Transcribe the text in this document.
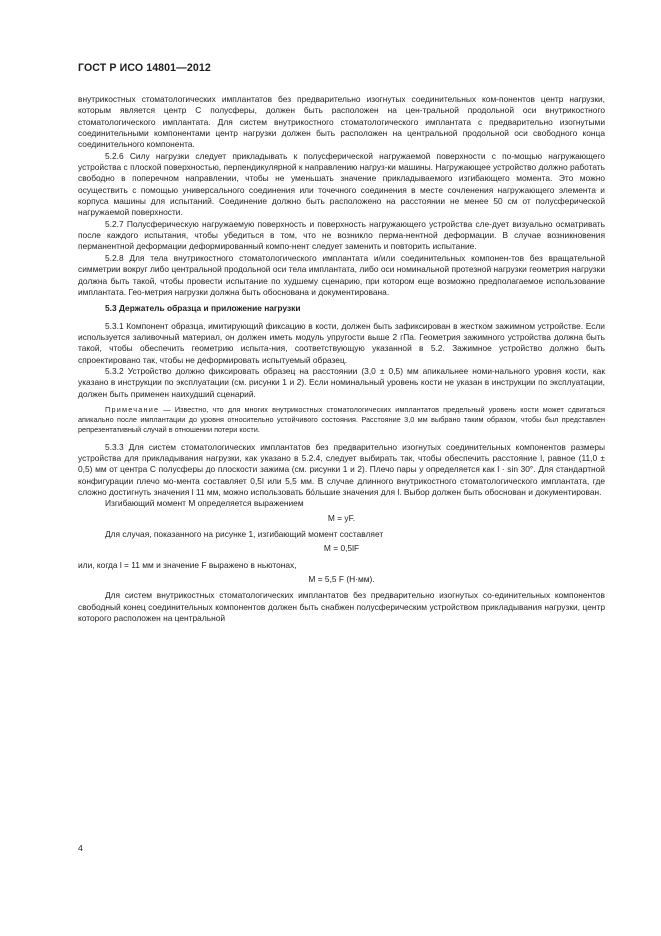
ГОСТ Р ИСО 14801—2012

внутрикостных стоматологических имплантатов без предварительно изогнутых соединительных ком-понентов центр нагрузки, которым является центр C полусферы, должен быть расположен на цен-тральной продольной оси внутрикостного стоматологического имплантата. Для систем внутрикостного стоматологического имплантата с предварительно изогнутыми соединительными компонентами центр нагрузки должен быть расположен на центральной продольной оси свободного конца соединительного компонента.

5.2.6 Силу нагрузки следует прикладывать к полусферической нагружаемой поверхности с по-мощью нагружающего устройства с плоской поверхностью, перпендикулярной к направлению нагруз-ки машины. Нагружающее устройство должно работать свободно в поперечном направлении, чтобы не уменьшать значение прикладываемого изгибающего момента. Это можно осуществить с помощью универсального соединения или точечного соединения в месте сочленения нагружающего элемента и корпуса машины для испытаний. Соединение должно быть расположено на расстоянии не менее 50 см от полусферической нагружаемой поверхности.

5.2.7 Полусферическую нагружаемую поверхность и поверхность нагружающего устройства сле-дует визуально осматривать после каждого испытания, чтобы убедиться в том, что не возникло перма-нентной деформации. В случае возникновения перманентной деформации деформированный компо-нент следует заменить и повторить испытание.

5.2.8 Для тела внутрикостного стоматологического имплантата и/или соединительных компонен-тов без вращательной симметрии вокруг либо центральной продольной оси тела имплантата, либо оси номинальной протезной нагрузки геометрия нагрузки должна быть такой, чтобы провести испытание по худшему сценарию, при котором еще возможно предполагаемое использование имплантата. Гео-метрия нагрузки должна быть обоснована и документирована.

5.3 Держатель образца и приложение нагрузки

5.3.1 Компонент образца, имитирующий фиксацию в кости, должен быть зафиксирован в жестком зажимном устройстве. Если используется заливочный материал, он должен иметь модуль упругости выше 2 гПа. Геометрия зажимного устройства должна быть такой, чтобы обеспечить геометрию испыта-ния, соответствующую указанной в 5.2. Зажимное устройство должно быть спроектировано так, чтобы не деформировать испытуемый образец.

5.3.2 Устройство должно фиксировать образец на расстоянии (3,0 ± 0,5) мм апикальнее номи-нального уровня кости, как указано в инструкции по эксплуатации (см. рисунки 1 и 2). Если номинальный уровень кости не указан в инструкции по эксплуатации, должен быть применен наихудший сценарий.

Примечание — Известно, что для многих внутрикостных стоматологических имплантатов предельный уровень кости может сдвигаться апикально после имплантации до уровня относительно устойчивого состояния. Расстояние 3,0 мм выбрано таким образом, чтобы был представлен репрезентативный случай в отношении потери кости.

5.3.3 Для систем стоматологических имплантатов без предварительно изогнутых соединительных компонентов размеры устройства для прикладывания нагрузки, как указано в 5.2.4, следует выбирать так, чтобы обеспечить расстояние l, равное (11,0 ± 0,5) мм от центра C полусферы до плоскости зажима (см. рисунки 1 и 2). Плечо пары y определяется как l · sin 30°. Для стандартной конфигурации плечо мо-мента составляет 0,5l или 5,5 мм. В случае длинного внутрикостного стоматологического имплантата, где сложно достигнуть значения l 11 мм, можно использовать бо́льшие значения для l. Выбор должен быть обоснован и документирован.

Изгибающий момент M определяется выражением

M = yF.

Для случая, показанного на рисунке 1, изгибающий момент составляет

M = 0,5lF

или, когда l = 11 мм и значение F выражено в ньютонах,

M = 5,5 F (Н·мм).

Для систем внутрикостных стоматологических имплантатов без предварительно изогнутых со-единительных компонентов свободный конец соединительных компонентов должен быть снабжен полусферическим устройством прикладывания нагрузки, центр которого расположен на центральной

4
